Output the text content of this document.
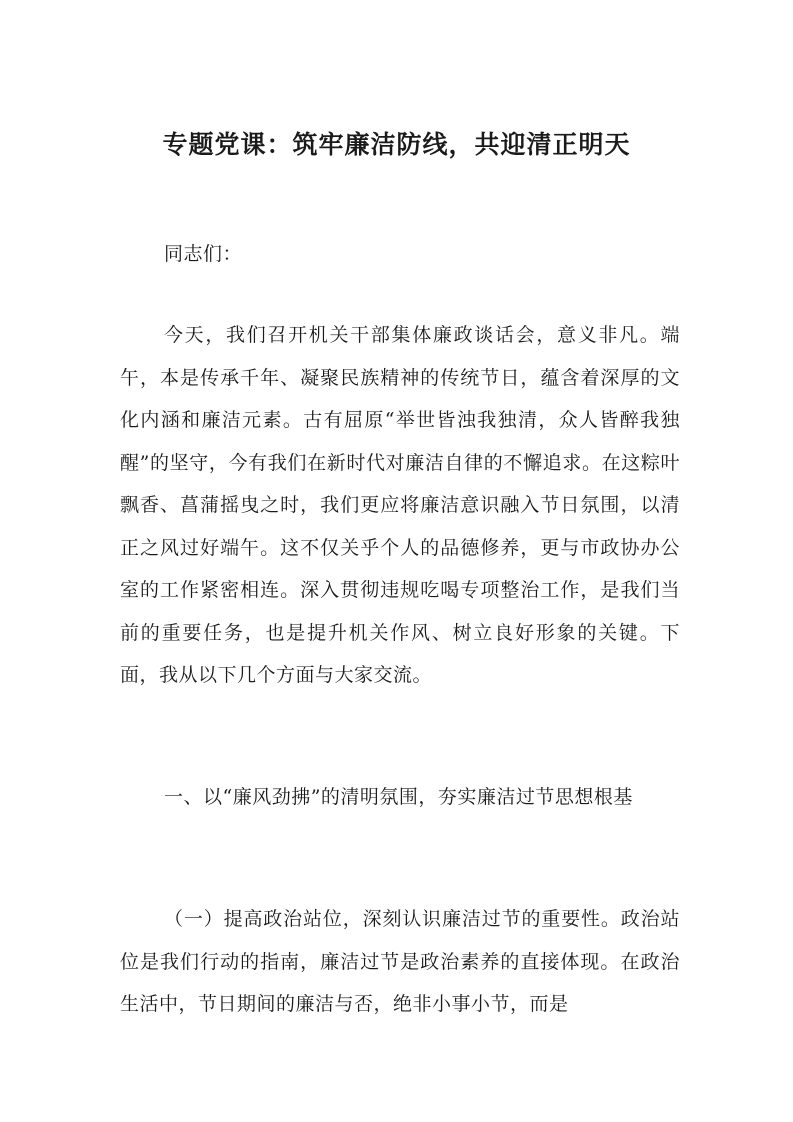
专题党课：筑牢廉洁防线，共迎清正明天

同志们：

今天，我们召开机关干部集体廉政谈话会，意义非凡。端午，本是传承千年、凝聚民族精神的传统节日，蕴含着深厚的文化内涵和廉洁元素。古有屈原“举世皆浊我独清，众人皆醉我独醒”的坚守，今有我们在新时代对廉洁自律的不懈追求。在这粽叶飘香、菖蒲摇曳之时，我们更应将廉洁意识融入节日氛围，以清正之风过好端午。这不仅关乎个人的品德修养，更与市政协办公室的工作紧密相连。深入贯彻违规吃喝专项整治工作，是我们当前的重要任务，也是提升机关作风、树立良好形象的关键。下面，我从以下几个方面与大家交流。

一、以“廉风劲拂”的清明氛围，夯实廉洁过节思想根基

（一）提高政治站位，深刻认识廉洁过节的重要性。政治站位是我们行动的指南，廉洁过节是政治素养的直接体现。在政治生活中，节日期间的廉洁与否，绝非小事小节，而是
